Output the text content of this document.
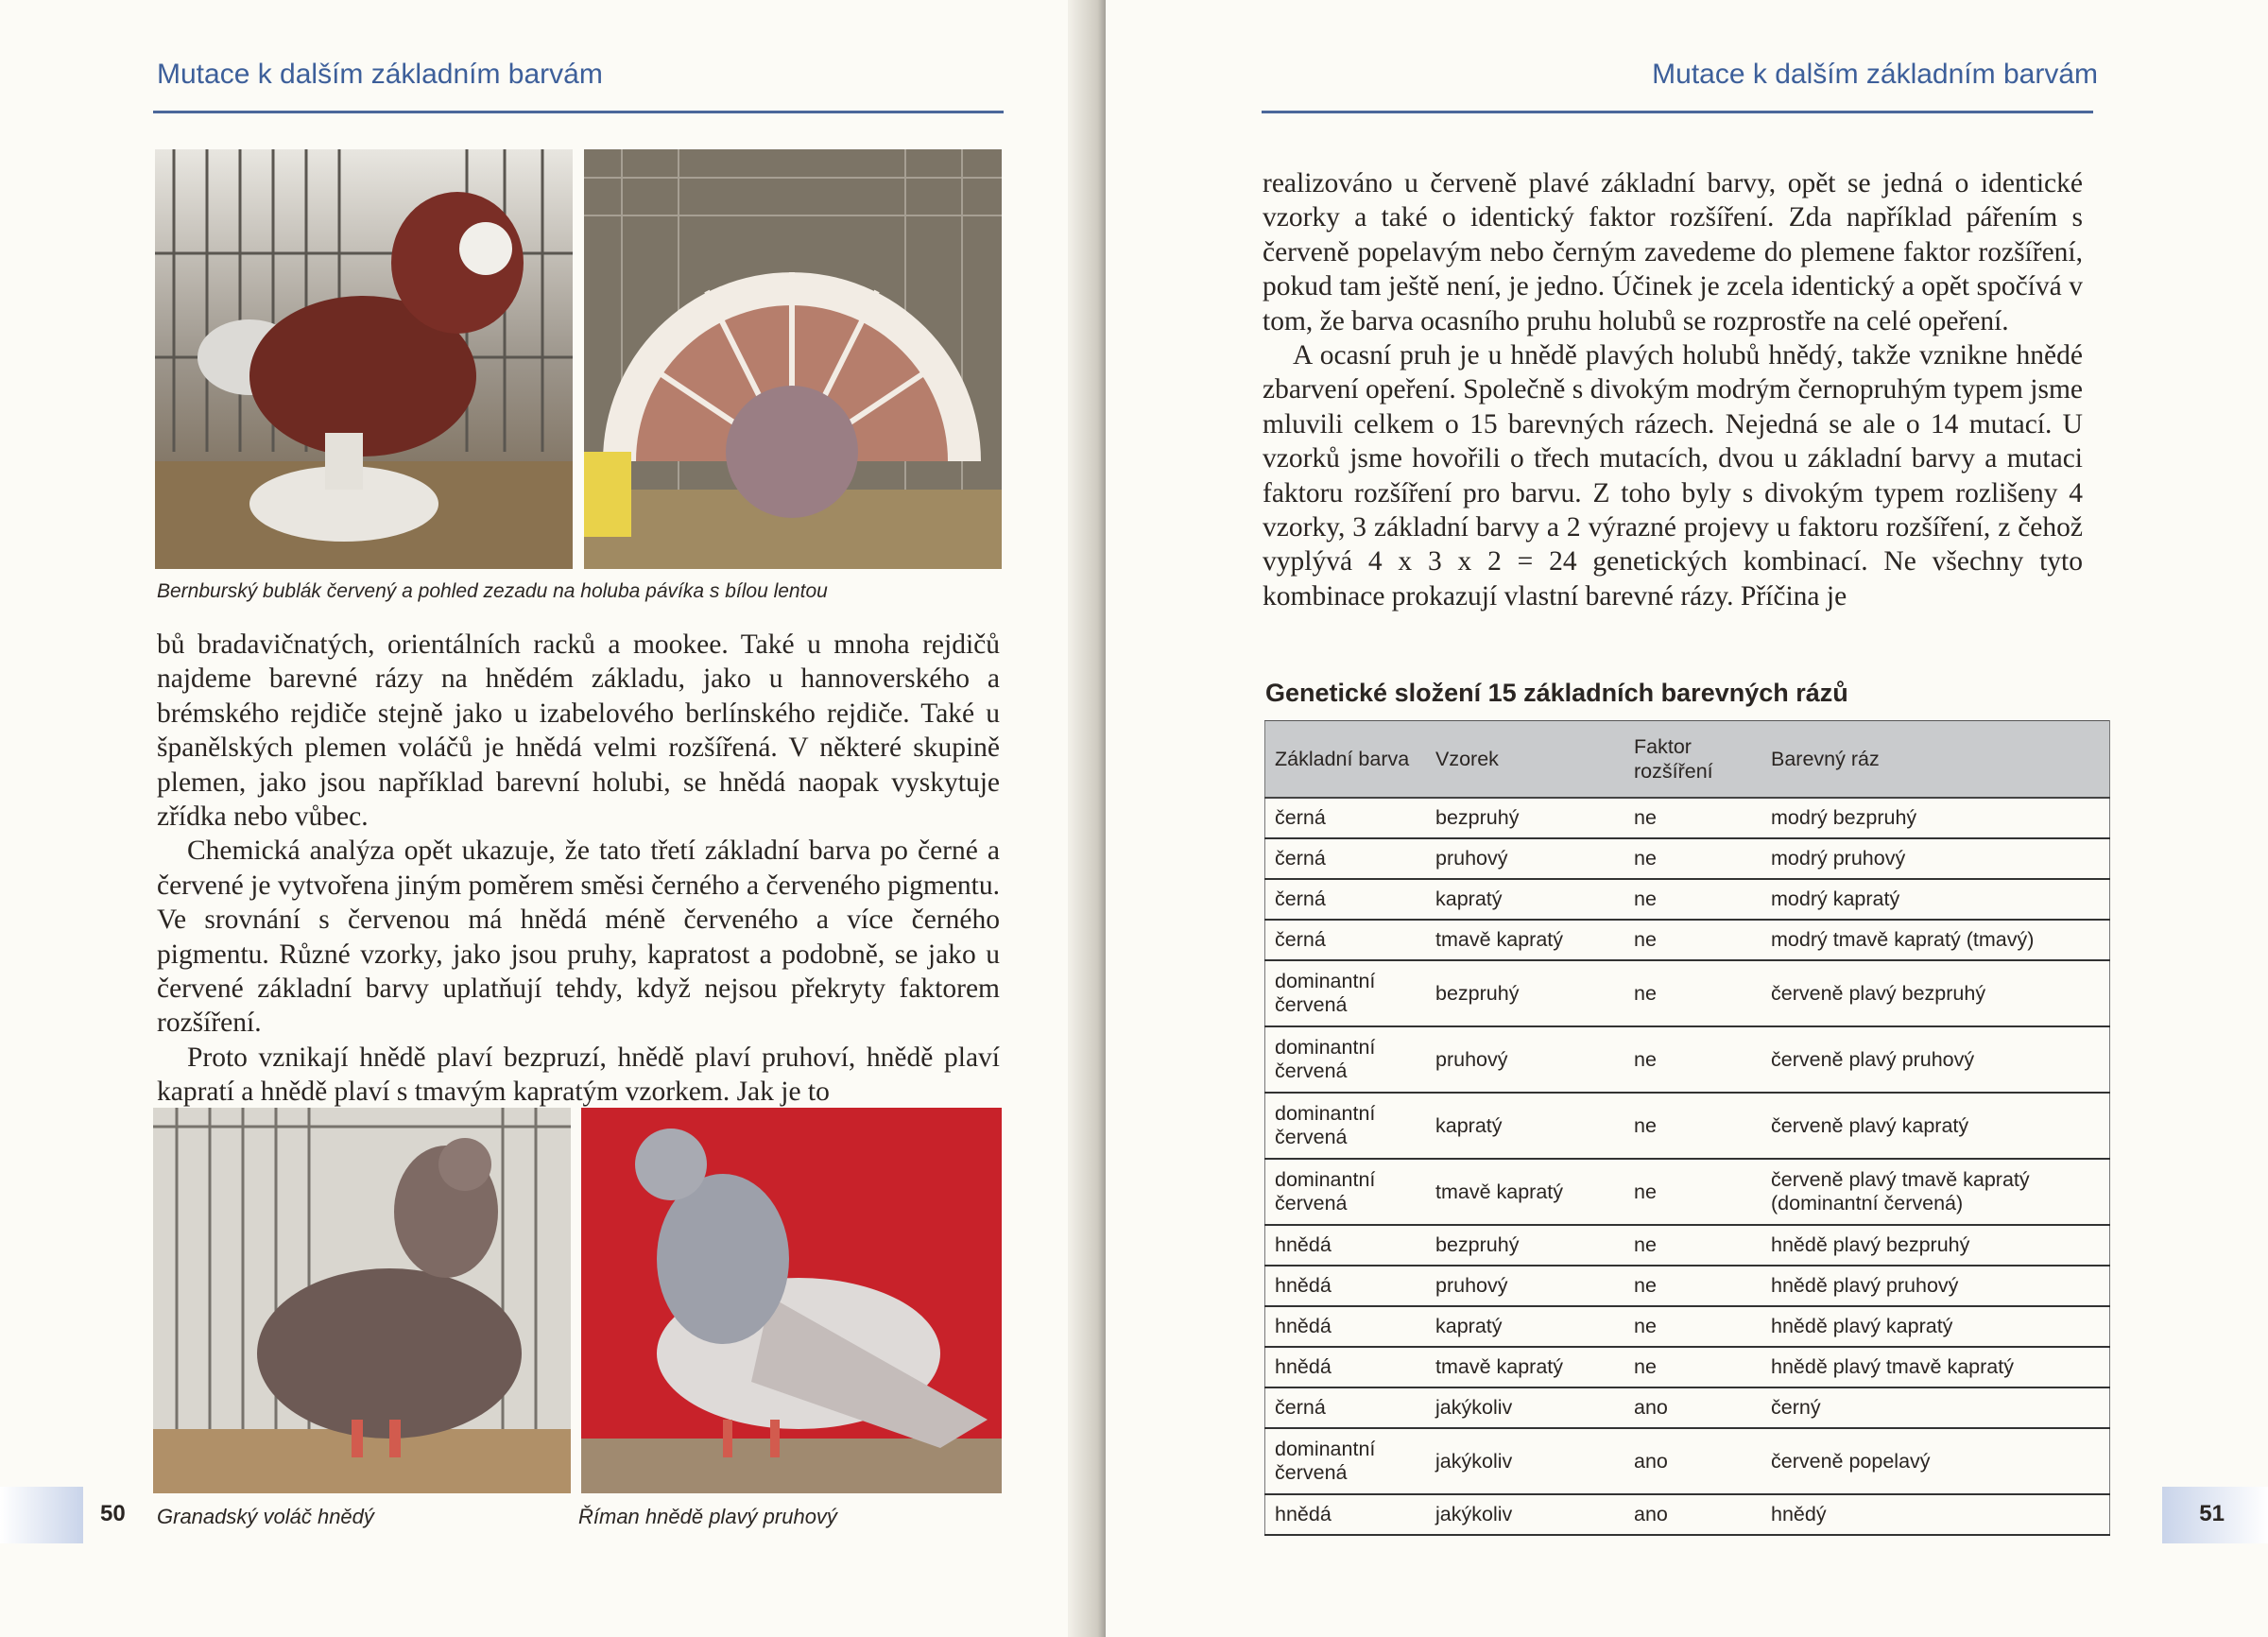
Mutace k dalším základním barvám
Bernburský bublák červený a pohled zezadu na holuba pávíka s bílou lentou

bů bradavičnatých, orientálních racků a mookee. Také u mnoha rejdičů najdeme barevné rázy na hnědém základu, jako u hannoverského a brémského rejdiče stejně jako u izabelového berlínského rejdiče. Také u španělských plemen voláčů je hnědá velmi rozšířená. V některé skupině plemen, jako jsou například barevní holubi, se hnědá naopak vyskytuje zřídka nebo vůbec.

Chemická analýza opět ukazuje, že tato třetí základní barva po černé a červené je vytvořena jiným poměrem směsi černého a červeného pigmentu. Ve srovnání s červenou má hnědá méně červeného a více černého pigmentu. Různé vzorky, jako jsou pruhy, kapratost a podobně, se jako u červené základní barvy uplatňují tehdy, když nejsou překryty faktorem rozšíření.

Proto vznikají hnědě plaví bezpruzí, hnědě plaví pruhoví, hnědě plaví kapratí a hnědě plaví s tmavým kapratým vzorkem. Jak je to

Granadský voláč hnědý	Říman hnědě plavý pruhový
50
Mutace k dalším základním barvám

realizováno u červeně plavé základní barvy, opět se jedná o identické vzorky a také o identický faktor rozšíření. Zda například pářením s červeně popelavým nebo černým zavedeme do plemene faktor rozšíření, pokud tam ještě není, je jedno. Účinek je zcela identický a opět spočívá v tom, že barva ocasního pruhu holubů se rozprostře na celé opeření.

A ocasní pruh je u hnědě plavých holubů hnědý, takže vznikne hnědé zbarvení opeření. Společně s divokým modrým černopruhým typem jsme mluvili celkem o 15 barevných rázech. Nejedná se ale o 14 mutací. U vzorků jsme hovořili o třech mutacích, dvou u základní barvy a mutaci faktoru rozšíření pro barvu. Z toho byly s divokým typem rozlišeny 4 vzorky, 3 základní barvy a 2 výrazné projevy u faktoru rozšíření, z čehož vyplývá 4 x 3 x 2 = 24 genetických kombinací. Ne všechny tyto kombinace prokazují vlastní barevné rázy. Příčina je

Genetické složení 15 základních barevných rázů
Základní barva	Vzorek	Faktor rozšíření	Barevný ráz
černá	bezpruhý	ne	modrý bezpruhý
černá	pruhový	ne	modrý pruhový
černá	kapratý	ne	modrý kapratý
černá	tmavě kapratý	ne	modrý tmavě kapratý (tmavý)
dominantní červená	bezpruhý	ne	červeně plavý bezpruhý
dominantní červená	pruhový	ne	červeně plavý pruhový
dominantní červená	kapratý	ne	červeně plavý kapratý
dominantní červená	tmavě kapratý	ne	červeně plavý tmavě kapratý (dominantní červená)
hnědá	bezpruhý	ne	hnědě plavý bezpruhý
hnědá	pruhový	ne	hnědě plavý pruhový
hnědá	kapratý	ne	hnědě plavý kapratý
hnědá	tmavě kapratý	ne	hnědě plavý tmavě kapratý
černá	jakýkoliv	ano	černý
dominantní červená	jakýkoliv	ano	červeně popelavý
hnědá	jakýkoliv	ano	hnědý	51
